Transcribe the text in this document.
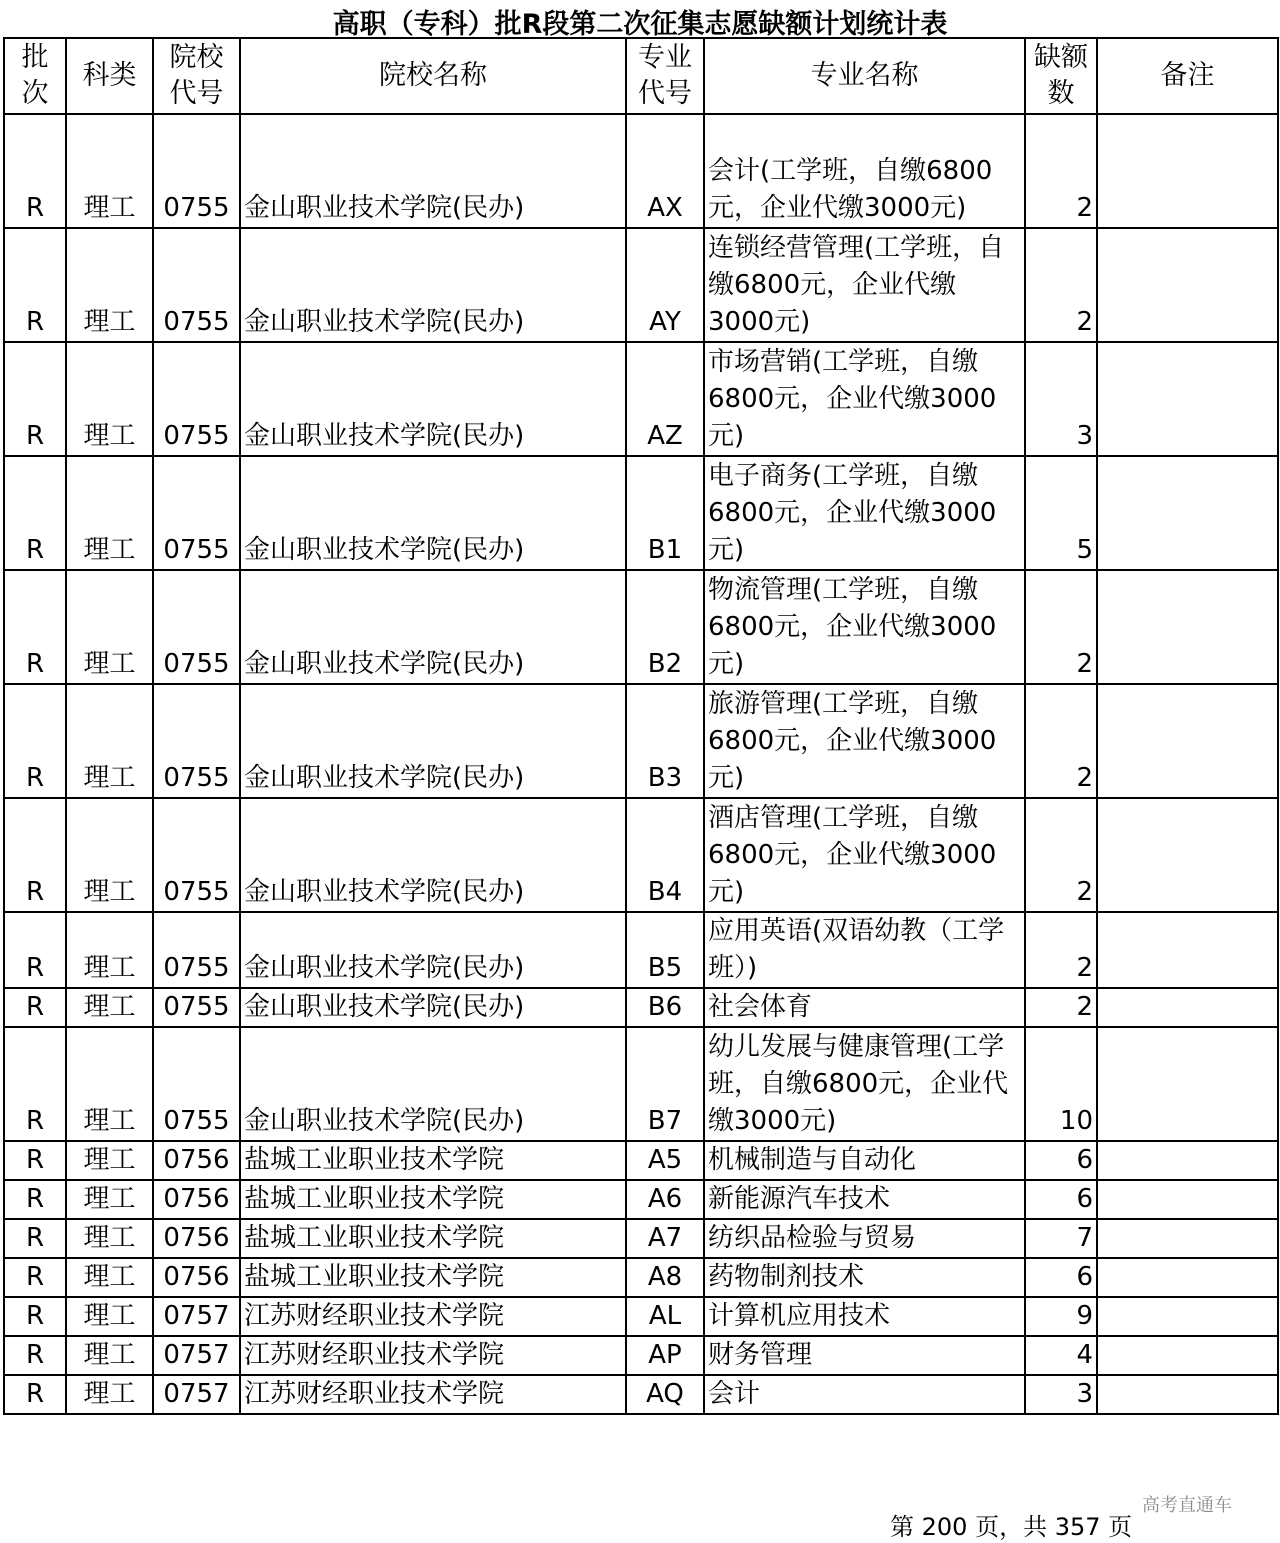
高职（专科）批R段第二次征集志愿缺额计划统计表
批次	科类	院校代号	院校名称	专业代号	专业名称	缺额数	备注
R	理工	0755	金山职业技术学院(民办)	AX	会计(工学班，自缴6800元，企业代缴3000元)	2	
R	理工	0755	金山职业技术学院(民办)	AY	连锁经营管理(工学班，自缴6800元，企业代缴3000元)	2	
R	理工	0755	金山职业技术学院(民办)	AZ	市场营销(工学班，自缴6800元，企业代缴3000元)	3	
R	理工	0755	金山职业技术学院(民办)	B1	电子商务(工学班，自缴6800元，企业代缴3000元)	5	
R	理工	0755	金山职业技术学院(民办)	B2	物流管理(工学班，自缴6800元，企业代缴3000元)	2	
R	理工	0755	金山职业技术学院(民办)	B3	旅游管理(工学班，自缴6800元，企业代缴3000元)	2	
R	理工	0755	金山职业技术学院(民办)	B4	酒店管理(工学班，自缴6800元，企业代缴3000元)	2	
R	理工	0755	金山职业技术学院(民办)	B5	应用英语(双语幼教（工学班）)	2	
R	理工	0755	金山职业技术学院(民办)	B6	社会体育	2	
R	理工	0755	金山职业技术学院(民办)	B7	幼儿发展与健康管理(工学班，自缴6800元，企业代缴3000元)	10	
R	理工	0756	盐城工业职业技术学院	A5	机械制造与自动化	6	
R	理工	0756	盐城工业职业技术学院	A6	新能源汽车技术	6	
R	理工	0756	盐城工业职业技术学院	A7	纺织品检验与贸易	7	
R	理工	0756	盐城工业职业技术学院	A8	药物制剂技术	6	
R	理工	0757	江苏财经职业技术学院	AL	计算机应用技术	9	
R	理工	0757	江苏财经职业技术学院	AP	财务管理	4	
R	理工	0757	江苏财经职业技术学院	AQ	会计	3	
高考直通车
第 200 页，共 357 页
